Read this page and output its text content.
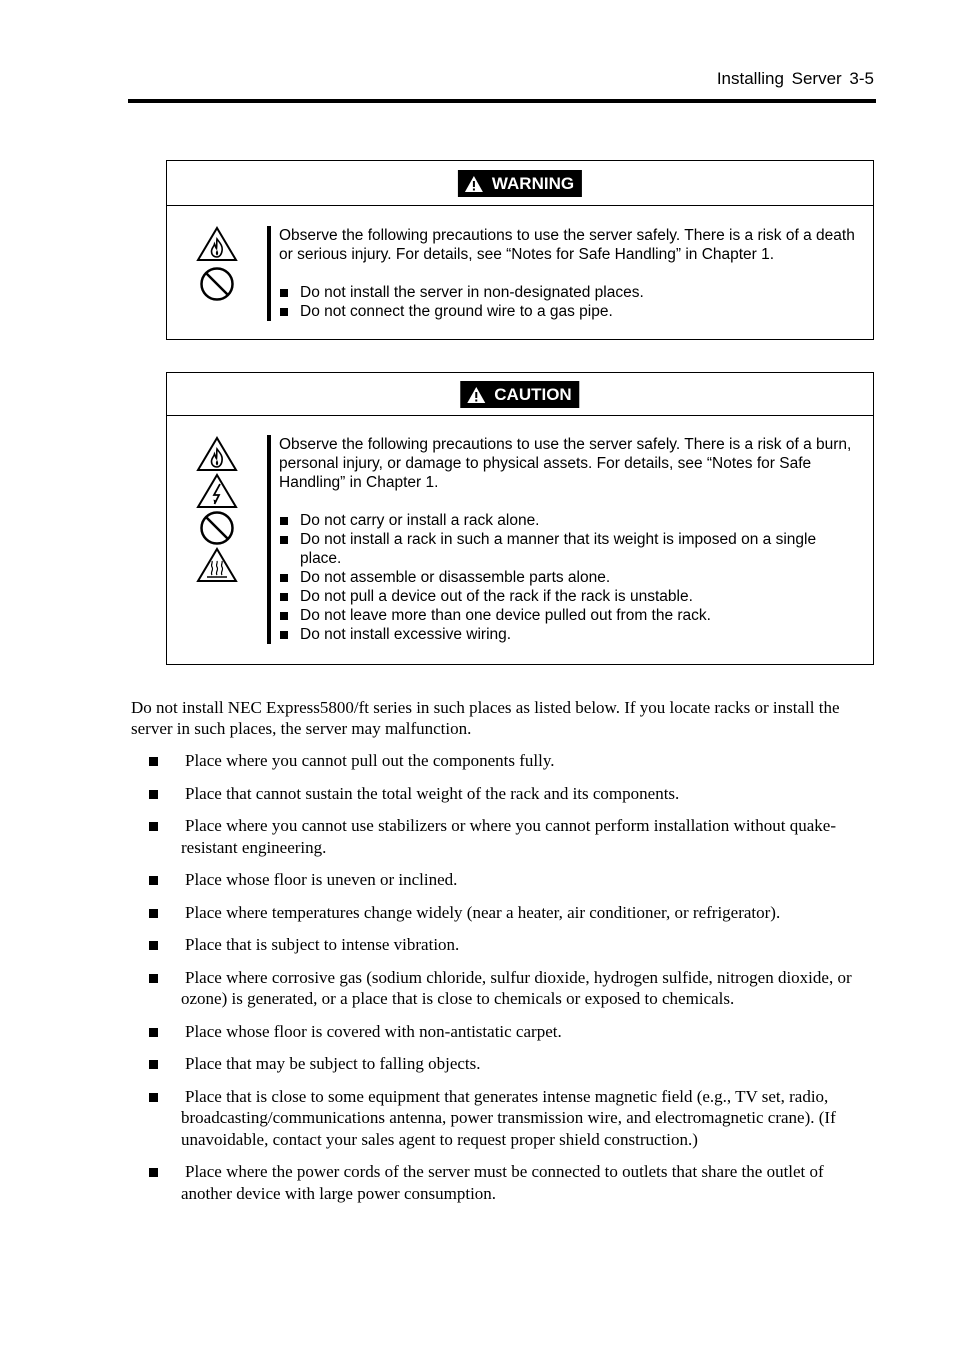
Installing Server 3-5
WARNING

Observe the following precautions to use the server safely. There is a risk of a death or serious injury. For details, see “Notes for Safe Handling” in Chapter 1.

Do not install the server in non-designated places.
Do not connect the ground wire to a gas pipe.
CAUTION

Observe the following precautions to use the server safely. There is a risk of a burn, personal injury, or damage to physical assets. For details, see “Notes for Safe Handling” in Chapter 1.

Do not carry or install a rack alone.
Do not install a rack in such a manner that its weight is imposed on a single place.
Do not assemble or disassemble parts alone.
Do not pull a device out of the rack if the rack is unstable.
Do not leave more than one device pulled out from the rack.
Do not install excessive wiring.
Do not install NEC Express5800/ft series in such places as listed below. If you locate racks or install the server in such places, the server may malfunction.
Place where you cannot pull out the components fully.
Place that cannot sustain the total weight of the rack and its components.
Place where you cannot use stabilizers or where you cannot perform installation without quake-resistant engineering.
Place whose floor is uneven or inclined.
Place where temperatures change widely (near a heater, air conditioner, or refrigerator).
Place that is subject to intense vibration.
Place where corrosive gas (sodium chloride, sulfur dioxide, hydrogen sulfide, nitrogen dioxide, or ozone) is generated, or a place that is close to chemicals or exposed to chemicals.
Place whose floor is covered with non-antistatic carpet.
Place that may be subject to falling objects.
Place that is close to some equipment that generates intense magnetic field (e.g., TV set, radio, broadcasting/communications antenna, power transmission wire, and electromagnetic crane). (If unavoidable, contact your sales agent to request proper shield construction.)
Place where the power cords of the server must be connected to outlets that share the outlet of another device with large power consumption.
